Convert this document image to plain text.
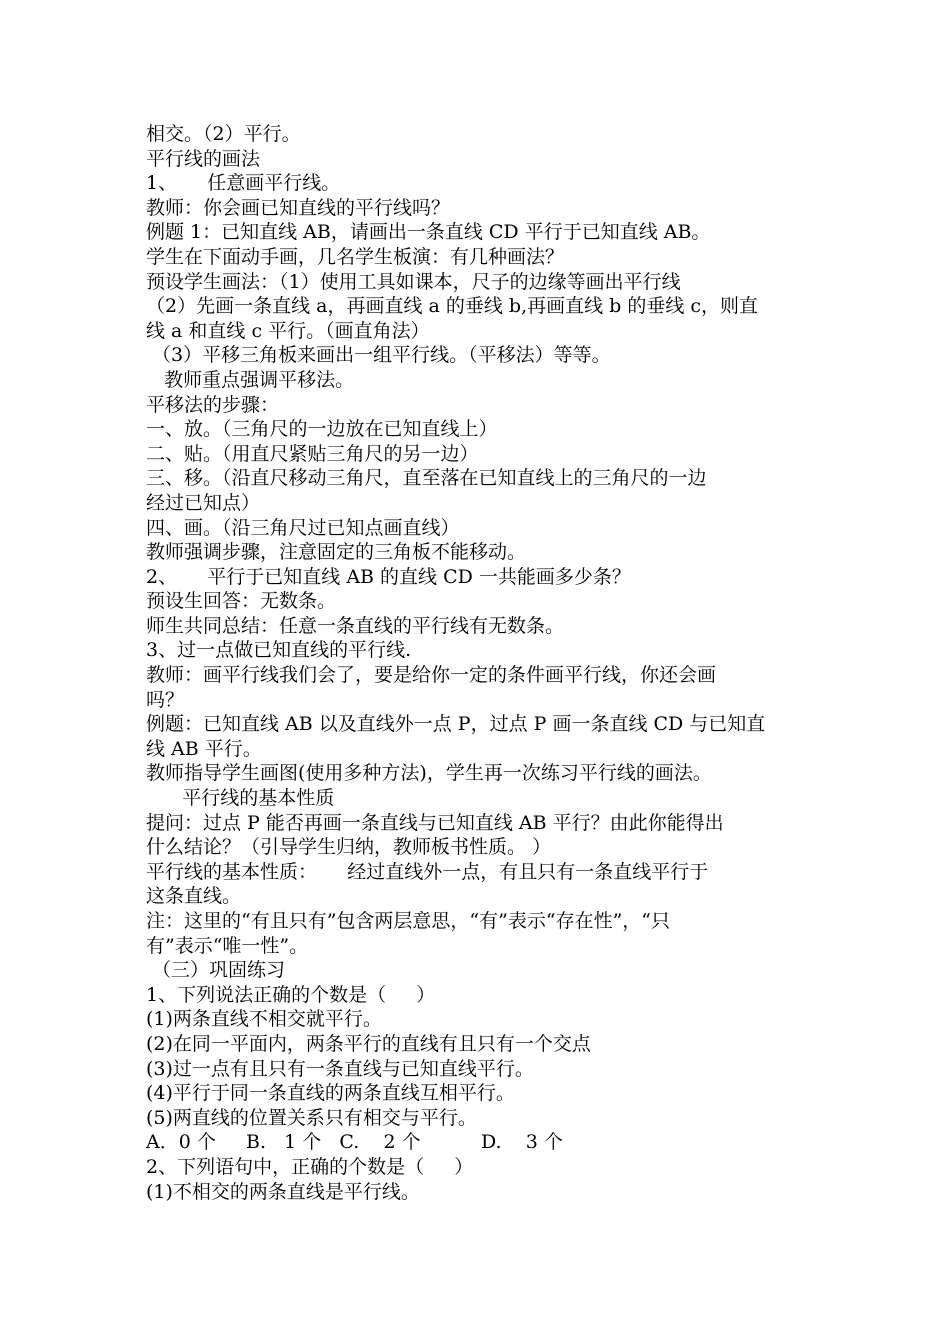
相交。（2）平行。
平行线的画法
1、     任意画平行线。
教师：你会画已知直线的平行线吗？
例题 1：已知直线 AB，请画出一条直线 CD 平行于已知直线 AB。
学生在下面动手画，几名学生板演：有几种画法？
预设学生画法：（1）使用工具如课本，尺子的边缘等画出平行线
（2）先画一条直线 a，再画直线 a 的垂线 b,再画直线 b 的垂线 c，则直
线 a 和直线 c 平行。（画直角法）
（3）平移三角板来画出一组平行线。（平移法）等等。
教师重点强调平移法。
平移法的步骤：
一、放。（三角尺的一边放在已知直线上）
二、贴。（用直尺紧贴三角尺的另一边）
三、移。（沿直尺移动三角尺，直至落在已知直线上的三角尺的一边
经过已知点）
四、画。（沿三角尺过已知点画直线）
教师强调步骤，注意固定的三角板不能移动。
2、     平行于已知直线 AB 的直线 CD 一共能画多少条？
预设生回答：无数条。
师生共同总结：任意一条直线的平行线有无数条。
3、过一点做已知直线的平行线.
教师：画平行线我们会了，要是给你一定的条件画平行线，你还会画
吗？
例题：已知直线 AB 以及直线外一点 P，过点 P 画一条直线 CD 与已知直
线 AB 平行。
教师指导学生画图(使用多种方法)，学生再一次练习平行线的画法。
平行线的基本性质
提问：过点 P 能否再画一条直线与已知直线 AB 平行？由此你能得出
什么结论？（引导学生归纳，教师板书性质。 ）
平行线的基本性质：     经过直线外一点，有且只有一条直线平行于
这条直线。
注：这里的“有且只有”包含两层意思，“有”表示“存在性”，“只
有”表示“唯一性”。
（三）巩固练习
1、下列说法正确的个数是（     ）
(1)两条直线不相交就平行。
(2)在同一平面内，两条平行的直线有且只有一个交点
(3)过一点有且只有一条直线与已知直线平行。
(4)平行于同一条直线的两条直线互相平行。
(5)两直线的位置关系只有相交与平行。
A．0 个     B.   1 个   C.    2 个          D.    3 个
2、下列语句中，正确的个数是（     ）
(1)不相交的两条直线是平行线。
